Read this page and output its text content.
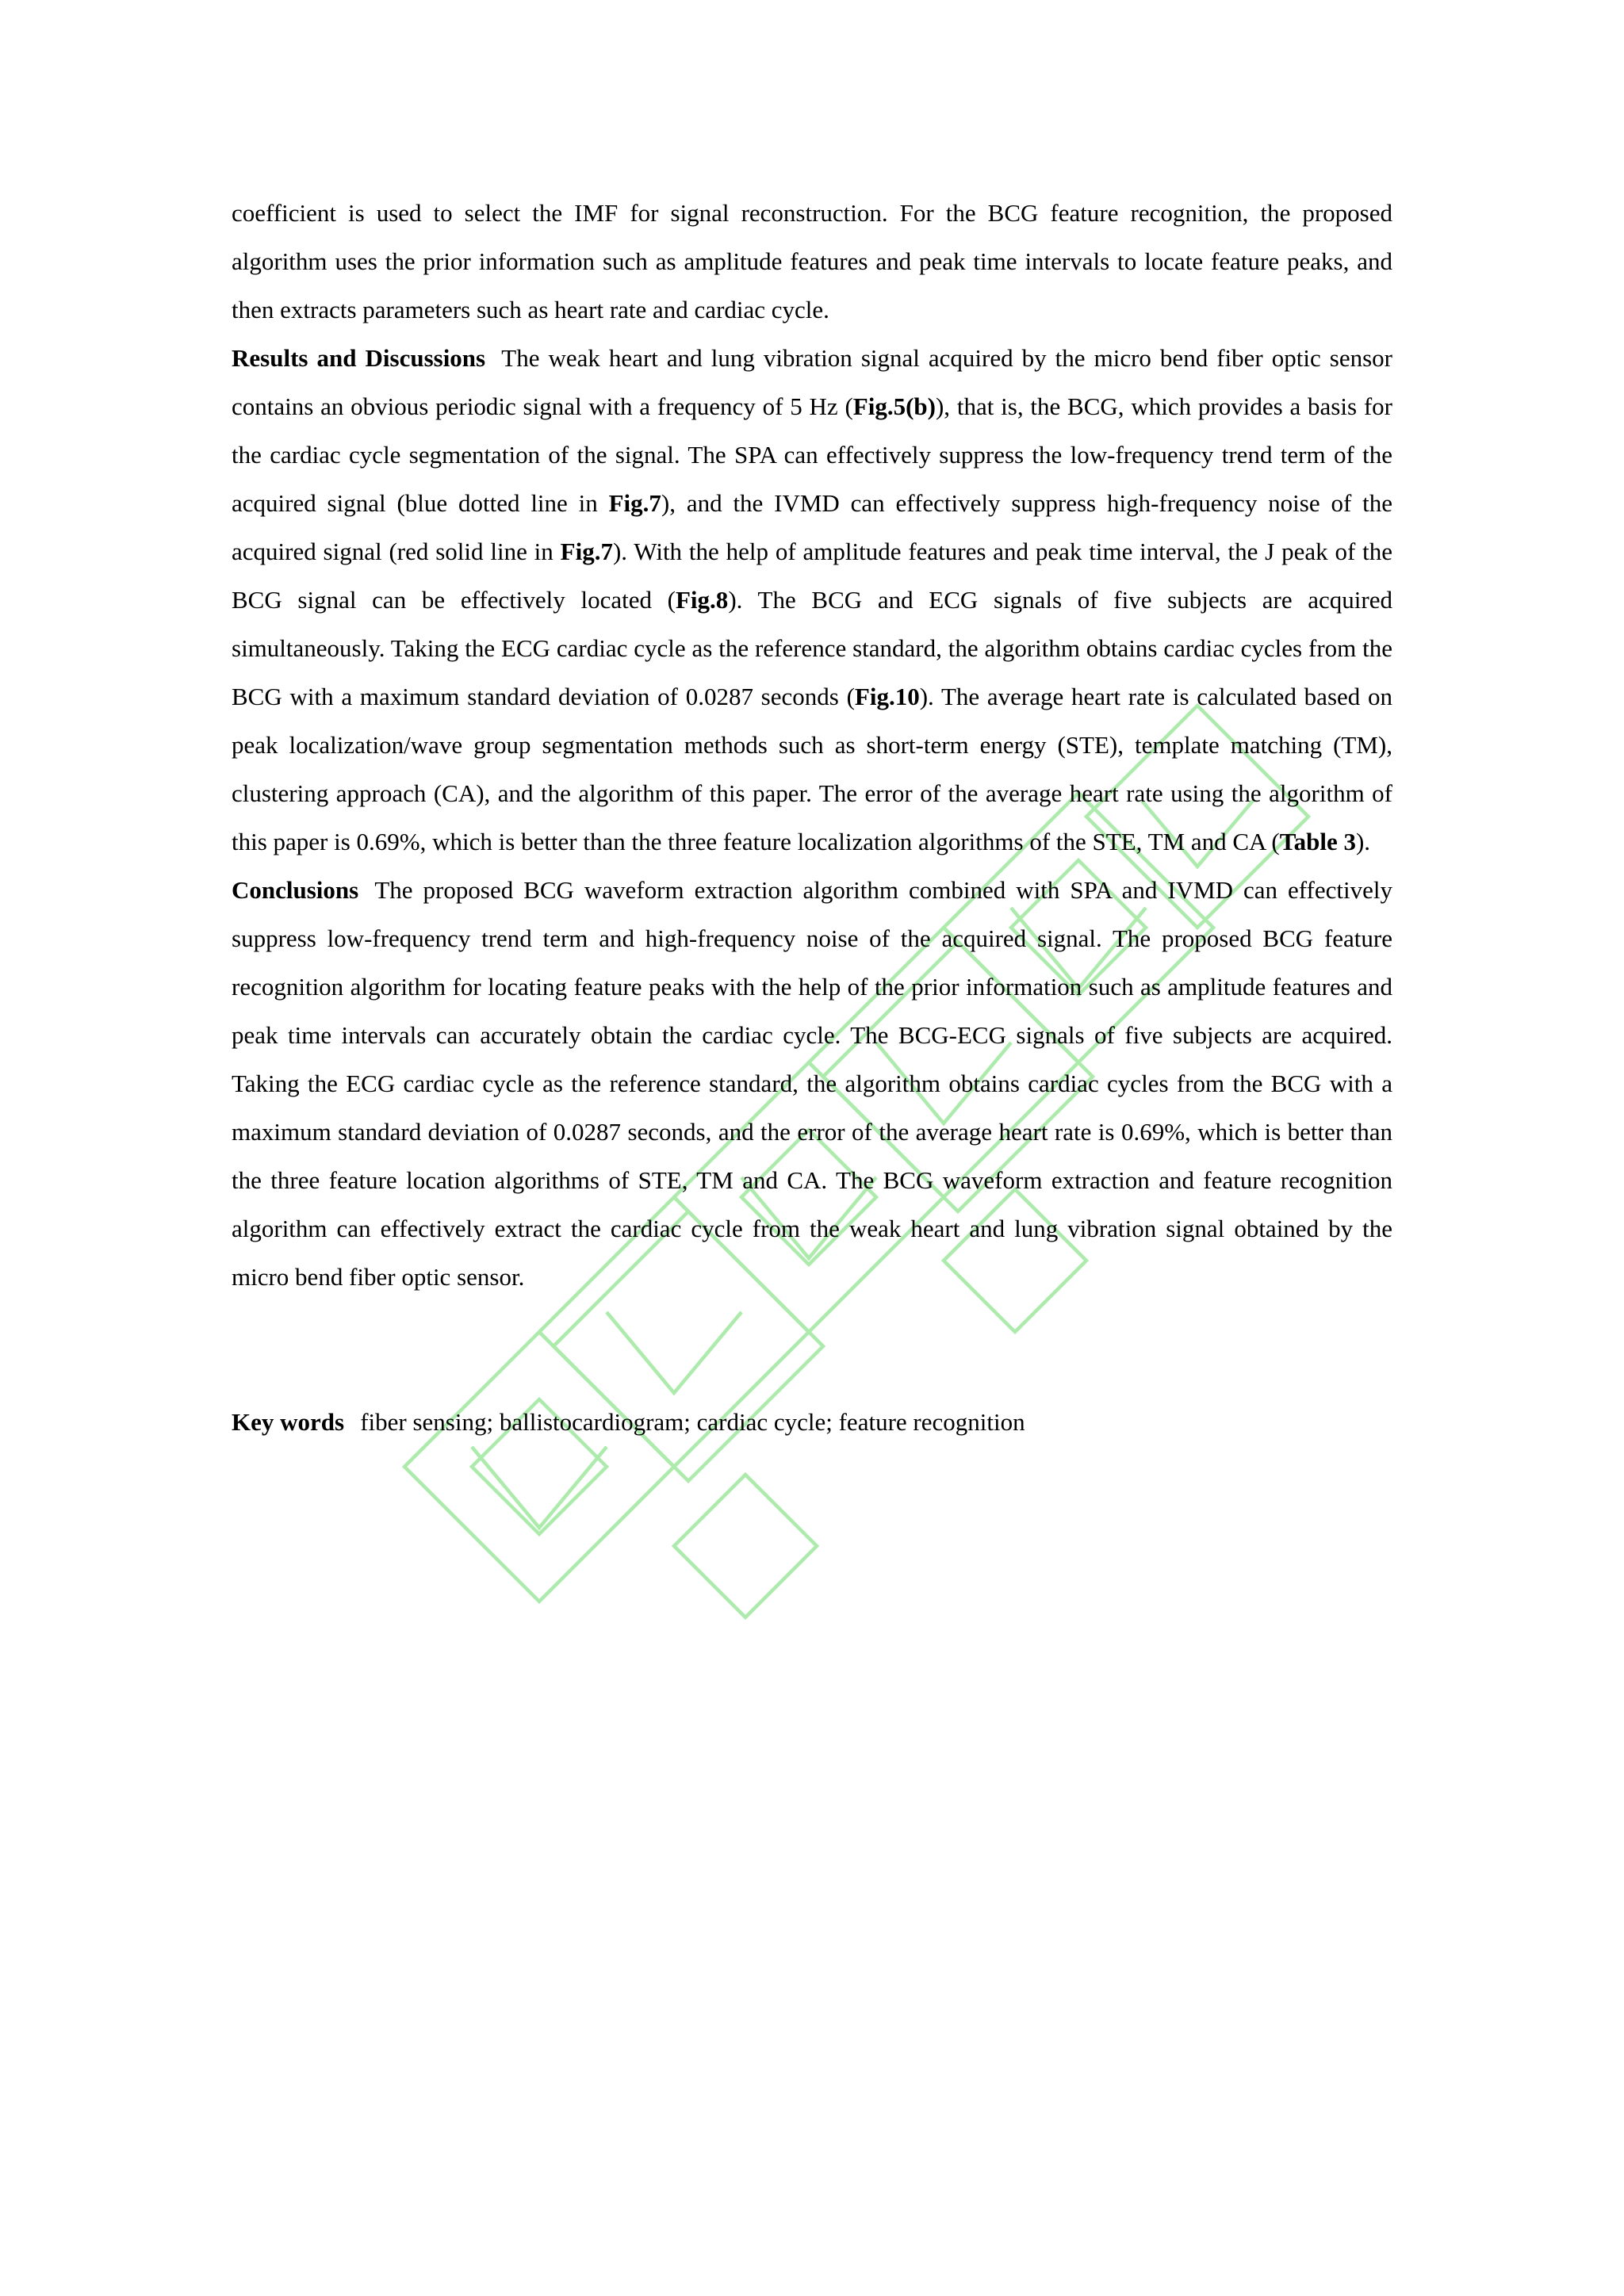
coefficient is used to select the IMF for signal reconstruction. For the BCG feature recognition, the proposed algorithm uses the prior information such as amplitude features and peak time intervals to locate feature peaks, and then extracts parameters such as heart rate and cardiac cycle.

Results and Discussions The weak heart and lung vibration signal acquired by the micro bend fiber optic sensor contains an obvious periodic signal with a frequency of 5 Hz (Fig.5(b)), that is, the BCG, which provides a basis for the cardiac cycle segmentation of the signal. The SPA can effectively suppress the low-frequency trend term of the acquired signal (blue dotted line in Fig.7), and the IVMD can effectively suppress high-frequency noise of the acquired signal (red solid line in Fig.7). With the help of amplitude features and peak time interval, the J peak of the BCG signal can be effectively located (Fig.8). The BCG and ECG signals of five subjects are acquired simultaneously. Taking the ECG cardiac cycle as the reference standard, the algorithm obtains cardiac cycles from the BCG with a maximum standard deviation of 0.0287 seconds (Fig.10). The average heart rate is calculated based on peak localization/wave group segmentation methods such as short-term energy (STE), template matching (TM), clustering approach (CA), and the algorithm of this paper. The error of the average heart rate using the algorithm of this paper is 0.69%, which is better than the three feature localization algorithms of the STE, TM and CA (Table 3).

Conclusions The proposed BCG waveform extraction algorithm combined with SPA and IVMD can effectively suppress low-frequency trend term and high-frequency noise of the acquired signal. The proposed BCG feature recognition algorithm for locating feature peaks with the help of the prior information such as amplitude features and peak time intervals can accurately obtain the cardiac cycle. The BCG-ECG signals of five subjects are acquired. Taking the ECG cardiac cycle as the reference standard, the algorithm obtains cardiac cycles from the BCG with a maximum standard deviation of 0.0287 seconds, and the error of the average heart rate is 0.69%, which is better than the three feature location algorithms of STE, TM and CA. The BCG waveform extraction and feature recognition algorithm can effectively extract the cardiac cycle from the weak heart and lung vibration signal obtained by the micro bend fiber optic sensor.

Key words fiber sensing; ballistocardiogram; cardiac cycle; feature recognition
